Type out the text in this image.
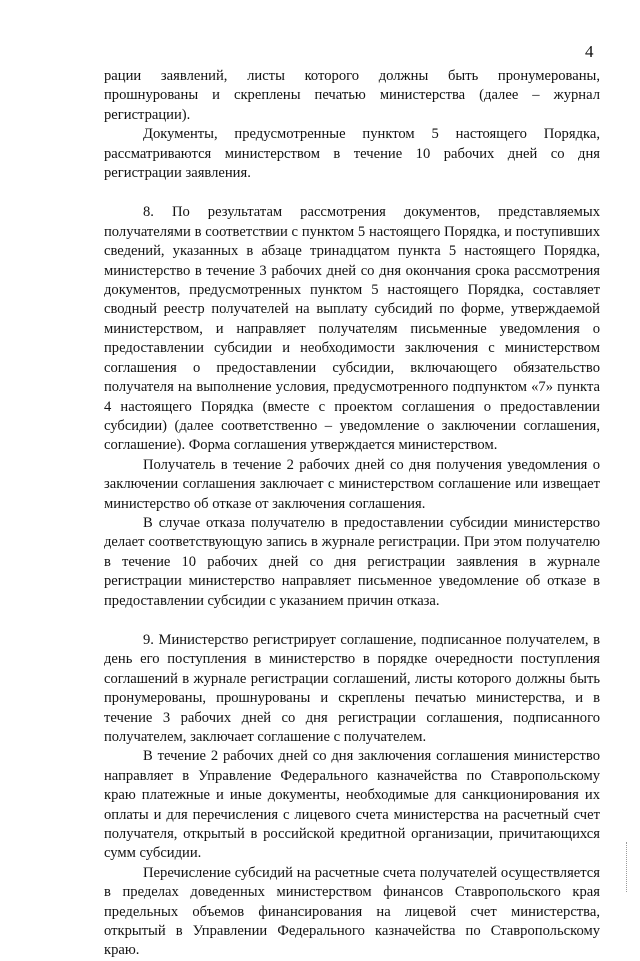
4

рации заявлений, листы которого должны быть пронумерованы, прошнурованы и скреплены печатью министерства (далее – журнал регистрации).

Документы, предусмотренные пунктом 5 настоящего Порядка, рассматриваются министерством в течение 10 рабочих дней со дня регистрации заявления.

8. По результатам рассмотрения документов, представляемых получателями в соответствии с пунктом 5 настоящего Порядка, и поступивших сведений, указанных в абзаце тринадцатом пункта 5 настоящего Порядка, министерство в течение 3 рабочих дней со дня окончания срока рассмотрения документов, предусмотренных пунктом 5 настоящего Порядка, составляет сводный реестр получателей на выплату субсидий по форме, утверждаемой министерством, и направляет получателям письменные уведомления о предоставлении субсидии и необходимости заключения с министерством соглашения о предоставлении субсидии, включающего обязательство получателя на выполнение условия, предусмотренного подпунктом «7» пункта 4 настоящего Порядка (вместе с проектом соглашения о предоставлении субсидии) (далее соответственно – уведомление о заключении соглашения, соглашение). Форма соглашения утверждается министерством.

Получатель в течение 2 рабочих дней со дня получения уведомления о заключении соглашения заключает с министерством соглашение или извещает министерство об отказе от заключения соглашения.

В случае отказа получателю в предоставлении субсидии министерство делает соответствующую запись в журнале регистрации. При этом получателю в течение 10 рабочих дней со дня регистрации заявления в журнале регистрации министерство направляет письменное уведомление об отказе в предоставлении субсидии с указанием причин отказа.

9. Министерство регистрирует соглашение, подписанное получателем, в день его поступления в министерство в порядке очередности поступления соглашений в журнале регистрации соглашений, листы которого должны быть пронумерованы, прошнурованы и скреплены печатью министерства, и в течение 3 рабочих дней со дня регистрации соглашения, подписанного получателем, заключает соглашение с получателем.

В течение 2 рабочих дней со дня заключения соглашения министерство направляет в Управление Федерального казначейства по Ставропольскому краю платежные и иные документы, необходимые для санкционирования их оплаты и для перечисления с лицевого счета министерства на расчетный счет получателя, открытый в российской кредитной организации, причитающихся сумм субсидии.

Перечисление субсидий на расчетные счета получателей осуществляется в пределах доведенных министерством финансов Ставропольского края предельных объемов финансирования на лицевой счет министерства, открытый в Управлении Федерального казначейства по Ставропольскому краю.
